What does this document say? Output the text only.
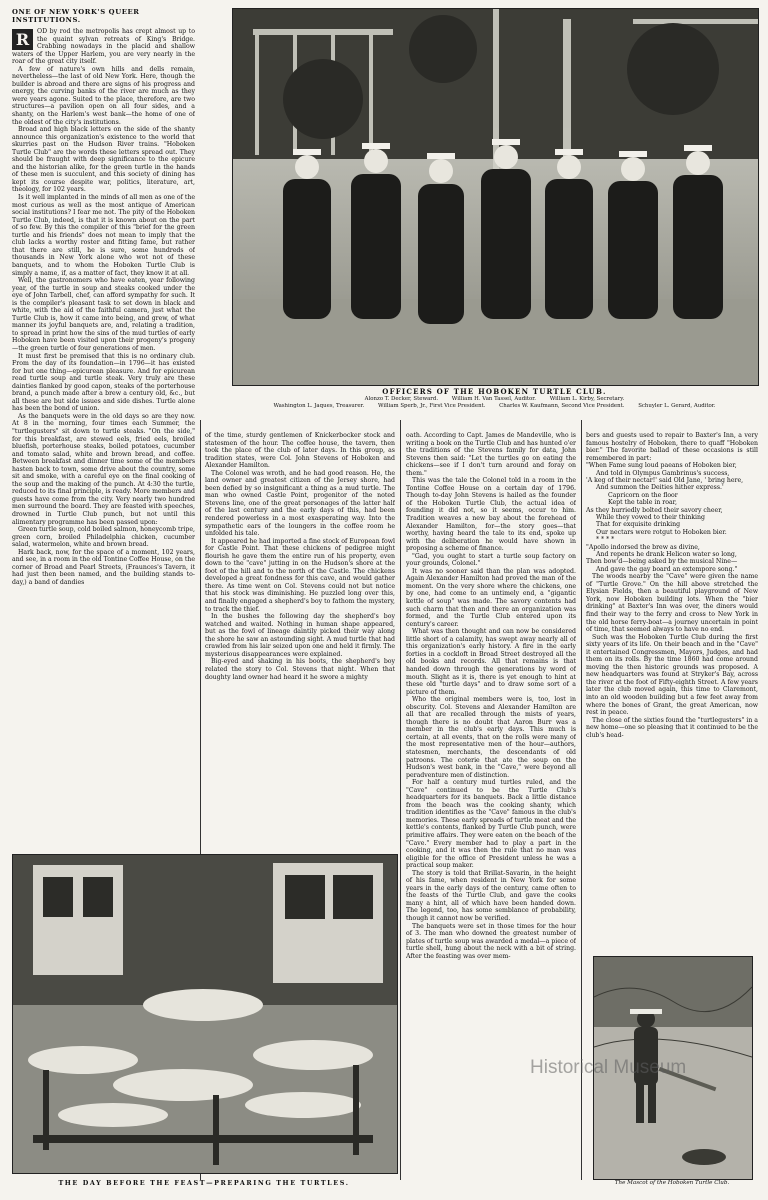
ONE OF NEW YORK'S QUEER INSTITUTIONS.
R	OD by rod the metropolis has crept almost up to the quaint sylvan retreats of King's Bridge. Crabbing nowadays in the placid and shallow waters of the Upper Harlem, you are very nearly in the roar of the great city itself.

A few of nature's own hills and dells remain, nevertheless—the last of old New York. Here, though the builder is abroad and there are signs of his progress and energy, the curving banks of the river are much as they were years agone. Suited to the place, therefore, are two structures—a pavilion open on all four sides, and a shanty, on the Harlem's west bank—the home of one of the oldest of the city's institutions.

Broad and high black letters on the side of the shanty announce this organization's existence to the world that skurries past on the Hudson River trains. "Hoboken Turtle Club" are the words these letters spread out. They should be fraught with deep significance to the epicure and the historian alike, for the green turtle in the hands of these men is succulent, and this society of dining has kept its course despite war, politics, literature, art, theology, for 102 years.

Is it well implanted in the minds of all men as one of the most curious as well as the most antique of American social institutions? I fear me not. The pity of the Hoboken Turtle Club, indeed, is that it is known about on the part of so few. By this the compiler of this "brief for the green turtle and his friends" does not mean to imply that the club lacks a worthy roster and fitting fame, but rather that there are still, he is sure, some hundreds of thousands in New York alone who wot not of these banquets, and to whom the Hoboken Turtle Club is simply a name, if, as a matter of fact, they know it at all.

Well, the gastronomers who have eaten, year following year, of the turtle in soup and steaks cooked under the eye of John Tarbell, chef, can afford sympathy for such. It is the compiler's pleasant task to set down in black and white, with the aid of the faithful camera, just what the Turtle Club is, how it came into being, and grew, of what manner its joyful banquets are, and, relating a tradition, to spread in print how the sins of the mud turtles of early Hoboken have been visited upon their progeny's progeny—the green turtle of four generations of men.

It must first be premised that this is no ordinary club. From the day of its foundation—in 1796—it has existed for but one thing—epicurean pleasure. And for epicurean read turtle soup and turtle steak. Very truly are these dainties flanked by good capon, steaks of the porterhouse brand, a punch made after a brew a century old, &c., but all these are but side issues and side dishes. Turtle alone has been the bond of union.

As the banquets were in the old days so are they now. At 8 in the morning, four times each Summer, the "turtlegusters" sit down to turtle steaks. "On the side," for this breakfast, are stewed eels, fried eels, broiled bluefish, porterhouse steaks, boiled potatoes, cucumber and tomato salad, white and brown bread, and coffee. Between breakfast and dinner time some of the members hasten back to town, some drive about the country, some sit and smoke, with a careful eye on the final cooking of the soup and the making of the punch. At 4:30 the turtle, reduced to its final principle, is ready. More members and guests have come from the city. Very nearly two hundred men surround the board. They are feasted with speeches, drowned in Turtle Club punch, but not until this alimentary programme has been passed upon:

Green turtle soup, cold boiled salmon, honeycomb tripe, green corn, broiled Philadelphia chicken, cucumber salad, watermelon, white and brown bread.

Hark back, now, for the space of a moment, 102 years, and see, in a room in the old Tontine Coffee House, on the corner of Broad and Pearl Streets, (Fraunces's Tavern, it had just then been named, and the building stands to-day,) a band of dandies

OFFICERS OF THE HOBOKEN TURTLE CLUB.
Alonzo T. Decker, Steward.	William H. Van Tassel, Auditor.	William L. Kirby, Secretary.
Washington L. Jaques, Treasurer.	William Sperb, Jr., First Vice President.	Charles W. Kaufmann, Second Vice President.	Schuyler L. Gerard, Auditor.

of the time, sturdy gentlemen of Knickerbocker stock and statesmen of the hour. The coffee house, the tavern, then took the place of the club of later days. In this group, as tradition states, were Col. John Stevens of Hoboken and Alexander Hamilton.

The Colonel was wroth, and he had good reason. He, the land owner and greatest citizen of the Jersey shore, had been defied by so insignificant a thing as a mud turtle. The man who owned Castle Point, progenitor of the noted Stevens line, one of the great personages of the latter half of the last century and the early days of this, had been rendered powerless in a most exasperating way. Into the sympathetic ears of the loungers in the coffee room he unfolded his tale.

It appeared he had imported a fine stock of European fowl for Castle Point. That these chickens of pedigree might flourish he gave them the entire run of his property, even down to the "cave" jutting in on the Hudson's shore at the foot of the hill and to the north of the Castle. The chickens developed a great fondness for this cave, and would gather there. As time went on Col. Stevens could not but notice that his stock was diminishing. He puzzled long over this, and finally engaged a shepherd's boy to fathom the mystery, to track the thief.

In the bushes the following day the shepherd's boy watched and waited. Nothing in human shape appeared, but as the fowl of lineage daintily picked their way along the shore he saw an astounding sight. A mud turtle that had crawled from his lair seized upon one and held it firmly. The mysterious disappearances were explained.

Big-eyed and shaking in his boots, the shepherd's boy related the story to Col. Stevens that night. When that doughty land owner had heard it he swore a mighty

oath. According to Capt. James de Mandeville, who is writing a book on the Turtle Club and has hunted o'er the traditions of the Stevens family for data, John Stevens then said: "Let the turtles go on eating the chickens—see if I don't turn around and foray on them."

This was the tale the Colonel told in a room in the Tontine Coffee House on a certain day of 1796. Though to-day John Stevens is hailed as the founder of the Hoboken Turtle Club, the actual idea of founding it did not, so it seems, occur to him. Tradition weaves a new bay about the forehead of Alexander Hamilton, for—the story goes—that worthy, having heard the tale to its end, spoke up with the deliberation he would have shown in proposing a scheme of finance.

"Gad, you ought to start a turtle soup factory on your grounds, Colonel."

It was no sooner said than the plan was adopted. Again Alexander Hamilton had proved the man of the moment. On the very shore where the chickens, one by one, had come to an untimely end, a "gigantic kettle of soup" was made. The savory contents had such charm that then and there an organization was formed, and the Turtle Club entered upon its century's career.

What was then thought and can now be considered little short of a calamity, has swept away nearly all of this organization's early history. A fire in the early forties in a cockloft in Broad Street destroyed all the old books and records. All that remains is that handed down through the generations by word of mouth. Slight as it is, there is yet enough to hint at these old "turtle days" and to draw some sort of a picture of them.

Who the original members were is, too, lost in obscurity. Col. Stevens and Alexander Hamilton are all that are recalled through the mists of years, though there is no doubt that Aaron Burr was a member in the club's early days. This much is certain, at all events, that on the rolls were many of the most representative men of the hour—authors, statesmen, merchants, the descendants of old patroons. The coterie that ate the soup on the Hudson's west bank, in the "Cave," were beyond all peradventure men of distinction.

For half a century mud turtles ruled, and the "Cave" continued to be the Turtle Club's headquarters for its banquets. Back a little distance from the beach was the cooking shanty, which tradition identifies as the "Cave" famous in the club's memories. These early spreads of turtle meat and the kettle's contents, flanked by Turtle Club punch, were primitive affairs. They were eaten on the beach of the "Cave." Every member had to play a part in the cooking, and it was then the rule that no man was eligible for the office of President unless he was a practical soup maker.

The story is told that Brillat-Savarin, in the height of his fame, when resident in New York for some years in the early days of the century, came often to the feasts of the Turtle Club, and gave the cooks many a hint, all of which have been handed down. The legend, too, has some semblance of probability, though it cannot now be verified.

The banquets were set in those times for the hour of 3. The man who downed the greatest number of plates of turtle soup was awarded a medal—a piece of turtle shell, hung about the neck with a bit of string. After the feasting was over mem-

bers and guests used to repair to Baxter's Inn, a very famous hostelry of Hoboken, there to quaff "Hoboken bier." The favorite ballad of these occasions is still remembered in part:

"When Fame sung loud paeans of Hoboken bier,

And told in Olympus Gambrinus's success,

'A keg of their nectar!' said Old Jane, ' bring here,

And summon the Deities hither express.'

Capricorn on the floor

Kept the table in roar,

As they hurriedly bolted their savory cheer,

While they vowed to their thinking

That for exquisite drinking

Our nectars were rotgut to Hoboken bier.

* * * *

"Apollo indorsed the brew as divine,

And repents he drank Helicon water so long,

Then bow'd—being asked by the musical Nine—

And gave the gay board an extempore song."

The woods nearby the "Cave" were given the name of "Turtle Grove." On the hill above stretched the Elysian Fields, then a beautiful playground of New York, now Hoboken building lots. When the "bier drinking" at Baxter's Inn was over, the diners would find their way to the ferry and cross to New York in the old horse ferry-boat—a journey uncertain in point of time, that seemed always to have no end.

Such was the Hoboken Turtle Club during the first sixty years of its life. On their beach and in the "Cave" it entertained Congressmen, Mayors, Judges, and had them on its rolls. By the time 1860 had come around moving the then historic grounds was proposed. A new headquarters was found at Stryker's Bay, across the river at the foot of Fifty-eighth Street. A few years later the club moved again, this time to Claremont, into an old wooden building but a few feet away from where the bones of Grant, the great American, now rest in peace.

The close of the sixties found the "turtlegusters" in a new home—one so pleasing that it continued to be the club's head-

THE DAY BEFORE THE FEAST—PREPARING THE TURTLES.	The Mascot of the Hoboken Turtle Club.
Historical Museum
